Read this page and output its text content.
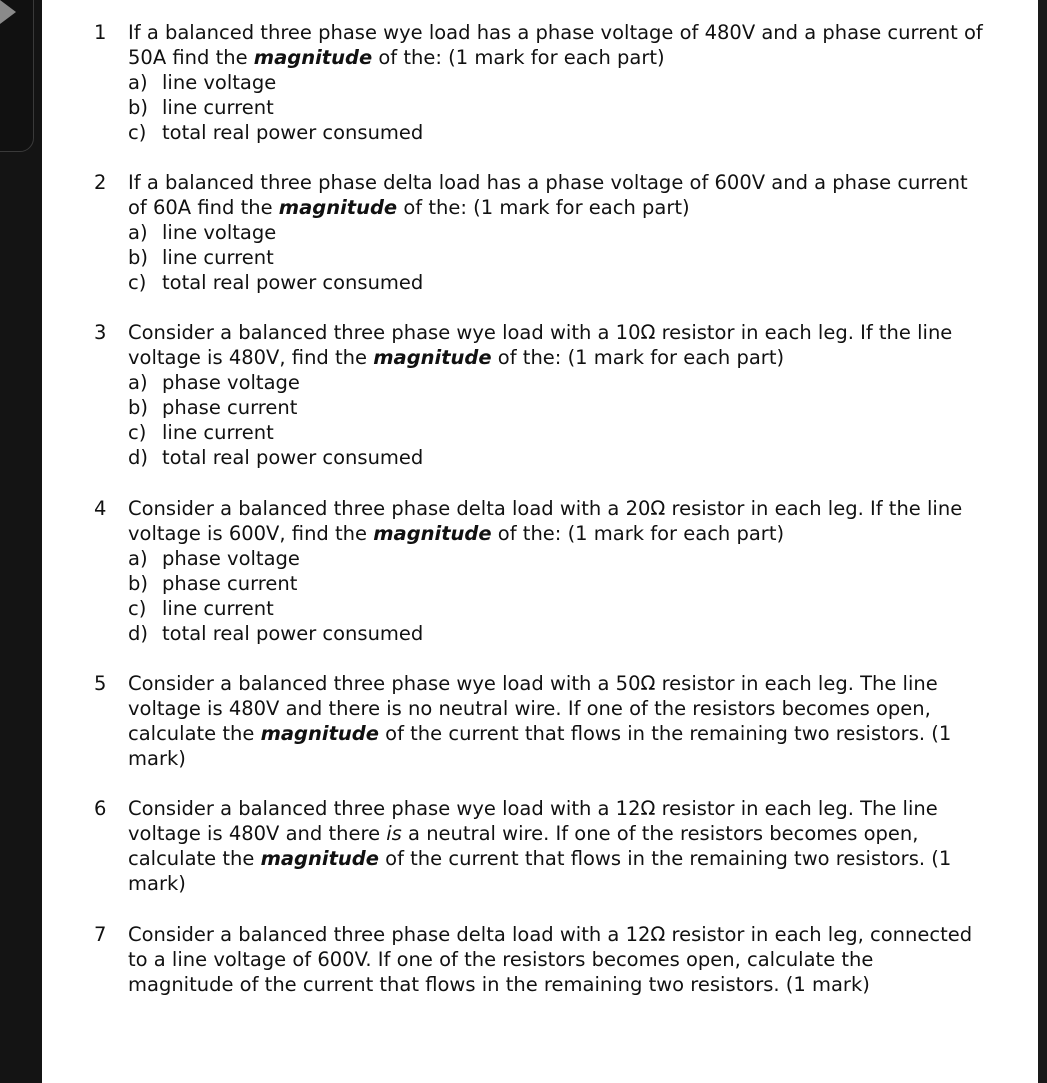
1	If a balanced three phase wye load has a phase voltage of 480V and a phase current of 50A find the magnitude of the: (1 mark for each part)

a) line voltage
b) line current
c) total real power consumed
2	If a balanced three phase delta load has a phase voltage of 600V and a phase current of 60A find the magnitude of the: (1 mark for each part)

a) line voltage
b) line current
c) total real power consumed
3	Consider a balanced three phase wye load with a 10Ω resistor in each leg. If the line voltage is 480V, find the magnitude of the: (1 mark for each part)

a) phase voltage
b) phase current
c) line current
d) total real power consumed
4	Consider a balanced three phase delta load with a 20Ω resistor in each leg. If the line voltage is 600V, find the magnitude of the: (1 mark for each part)

a) phase voltage
b) phase current
c) line current
d) total real power consumed
5	Consider a balanced three phase wye load with a 50Ω resistor in each leg. The line voltage is 480V and there is no neutral wire. If one of the resistors becomes open, calculate the magnitude of the current that flows in the remaining two resistors. (1 mark)

6	Consider a balanced three phase wye load with a 12Ω resistor in each leg. The line voltage is 480V and there is a neutral wire. If one of the resistors becomes open, calculate the magnitude of the current that flows in the remaining two resistors. (1 mark)

7	Consider a balanced three phase delta load with a 12Ω resistor in each leg, connected to a line voltage of 600V. If one of the resistors becomes open, calculate the magnitude of the current that flows in the remaining two resistors. (1 mark)
